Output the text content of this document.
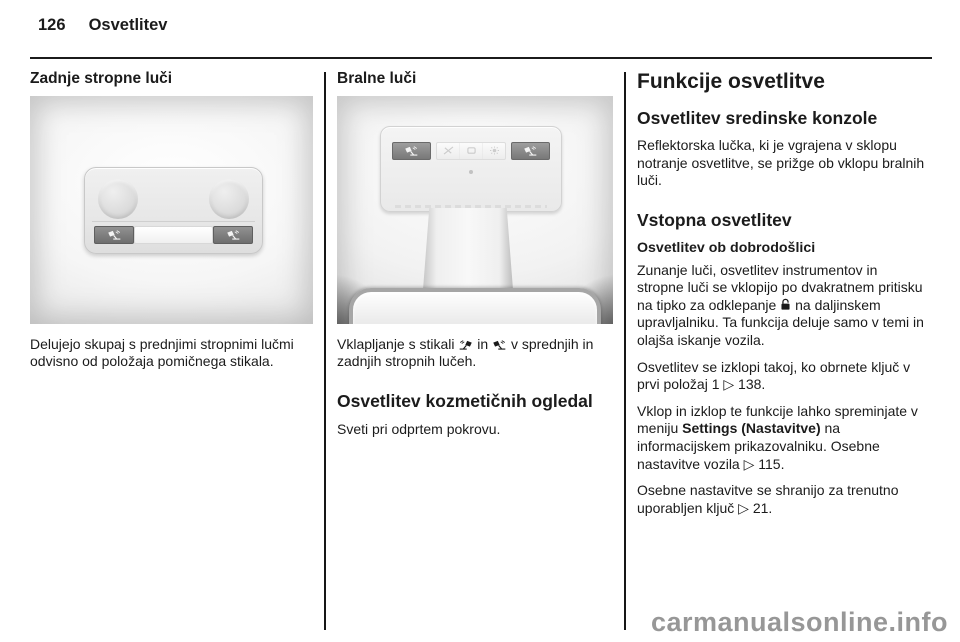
126 Osvetlitev
Zadnje stropne luči

Delujejo skupaj s prednjimi stropnimi lučmi odvisno od položaja pomičnega stikala.

Bralne luči

Vklapljanje s stikali in v sprednjih in zadnjih stropnih lučeh.

Osvetlitev kozmetičnih ogledal

Sveti pri odprtem pokrovu.

Funkcije osvetlitve
Osvetlitev sredinske konzole

Reflektorska lučka, ki je vgrajena v sklopu notranje osvetlitve, se prižge ob vklopu bralnih luči.

Vstopna osvetlitev
Osvetlitev ob dobrodošlici

Zunanje luči, osvetlitev instrumentov in stropne luči se vklopijo po dvakratnem pritisku na tipko za odklepanje na daljinskem upravljalniku. Ta funkcija deluje samo v temi in olajša iskanje vozila.

Osvetlitev se izklopi takoj, ko obrnete ključ v prvi položaj 1 ▷ 138.

Vklop in izklop te funkcije lahko spreminjate v meniju Settings (Nastavitve) na informacijskem prikazovalniku. Osebne nastavitve vozila ▷ 115.

Osebne nastavitve se shranijo za trenutno uporabljen ključ ▷ 21.

carmanualsonline.info
